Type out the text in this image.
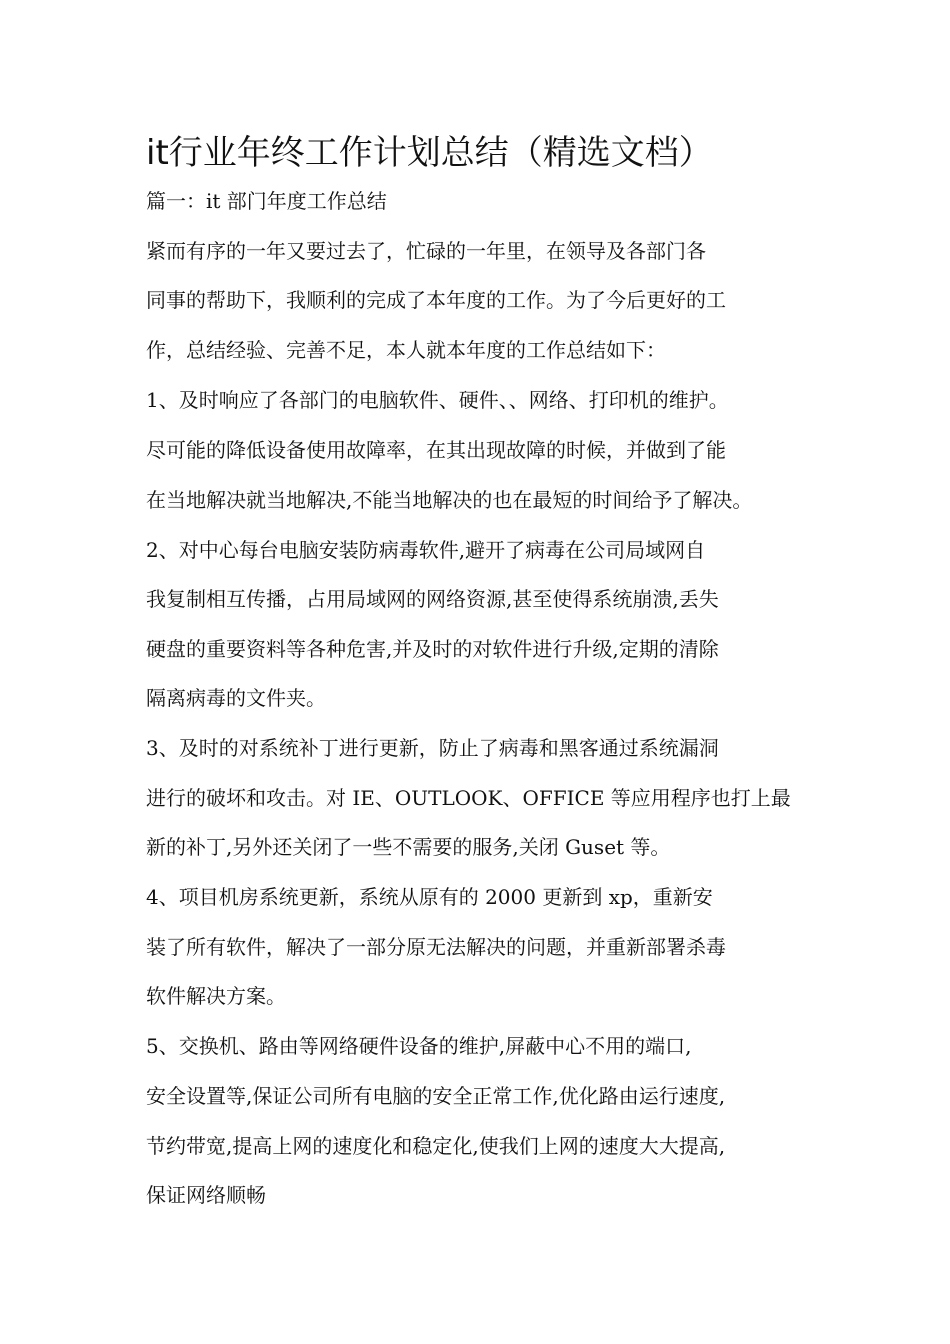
it行业年终工作计划总结（精选文档）
篇一：it 部门年度工作总结
紧而有序的一年又要过去了，忙碌的一年里，在领导及各部门各
同事的帮助下，我顺利的完成了本年度的工作。为了今后更好的工
作，总结经验、完善不足，本人就本年度的工作总结如下：
1、及时响应了各部门的电脑软件、硬件、、网络、打印机的维护。
尽可能的降低设备使用故障率，在其出现故障的时候，并做到了能
在当地解决就当地解决,不能当地解决的也在最短的时间给予了解决。
2、对中心每台电脑安装防病毒软件,避开了病毒在公司局域网自
我复制相互传播，占用局域网的网络资源,甚至使得系统崩溃,丢失
硬盘的重要资料等各种危害,并及时的对软件进行升级,定期的清除
隔离病毒的文件夹。
3、及时的对系统补丁进行更新，防止了病毒和黑客通过系统漏洞
进行的破坏和攻击。对 IE、OUTLOOK、OFFICE 等应用程序也打上最
新的补丁,另外还关闭了一些不需要的服务,关闭 Guset 等。
4、项目机房系统更新，系统从原有的 2000 更新到 xp，重新安
装了所有软件，解决了一部分原无法解决的问题，并重新部署杀毒
软件解决方案。
5、交换机、路由等网络硬件设备的维护,屏蔽中心不用的端口,
安全设置等,保证公司所有电脑的安全正常工作,优化路由运行速度,
节约带宽,提高上网的速度化和稳定化,使我们上网的速度大大提高,
保证网络顺畅
